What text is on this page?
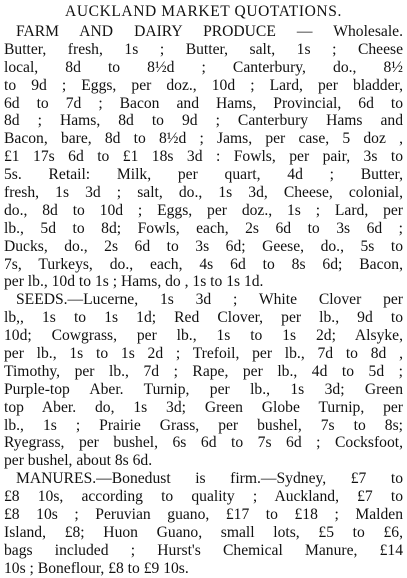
AUCKLAND MARKET QUOTATIONS.
FARM AND DAIRY PRODUCE — Wholesale.
Butter, fresh, 1s ; Butter, salt, 1s ; Cheese
local, 8d to 8½d ; Canterbury, do., 8½
to 9d ; Eggs, per doz., 10d ; Lard, per bladder,
6d to 7d ; Bacon and Hams, Provincial, 6d to
8d ; Hams, 8d to 9d ; Canterbury Hams and
Bacon, bare, 8d to 8½d ; Jams, per case, 5 doz ,
£1 17s 6d to £1 18s 3d : Fowls, per pair, 3s to
5s. Retail: Milk, per quart, 4d ; Butter,
fresh, 1s 3d ; salt, do., 1s 3d, Cheese, colonial,
do., 8d to 10d ; Eggs, per doz., 1s ; Lard, per
lb., 5d to 8d; Fowls, each, 2s 6d to 3s 6d ;
Ducks, do., 2s 6d to 3s 6d; Geese, do., 5s to
7s, Turkeys, do., each, 4s 6d to 8s 6d; Bacon,
per lb., 10d to 1s ; Hams, do , 1s to 1s 1d.
SEEDS.—Lucerne, 1s 3d ; White Clover per
lb,, 1s to 1s 1d; Red Clover, per lb., 9d to
10d; Cowgrass, per lb., 1s to 1s 2d; Alsyke,
per lb., 1s to 1s 2d ; Trefoil, per lb., 7d to 8d ,
Timothy, per lb., 7d ; Rape, per lb., 4d to 5d ;
Purple-top Aber. Turnip, per lb., 1s 3d; Green
top Aber. do, 1s 3d; Green Globe Turnip, per
lb., 1s ; Prairie Grass, per bushel, 7s to 8s;
Ryegrass, per bushel, 6s 6d to 7s 6d ; Cocksfoot,
per bushel, about 8s 6d.
MANURES.—Bonedust is firm.—Sydney, £7 to
£8 10s, according to quality ; Auckland, £7 to
£8 10s ; Peruvian guano, £17 to £18 ; Malden
Island, £8; Huon Guano, small lots, £5 to £6,
bags included ; Hurst's Chemical Manure, £14
10s ; Boneflour, £8 to £9 10s.
